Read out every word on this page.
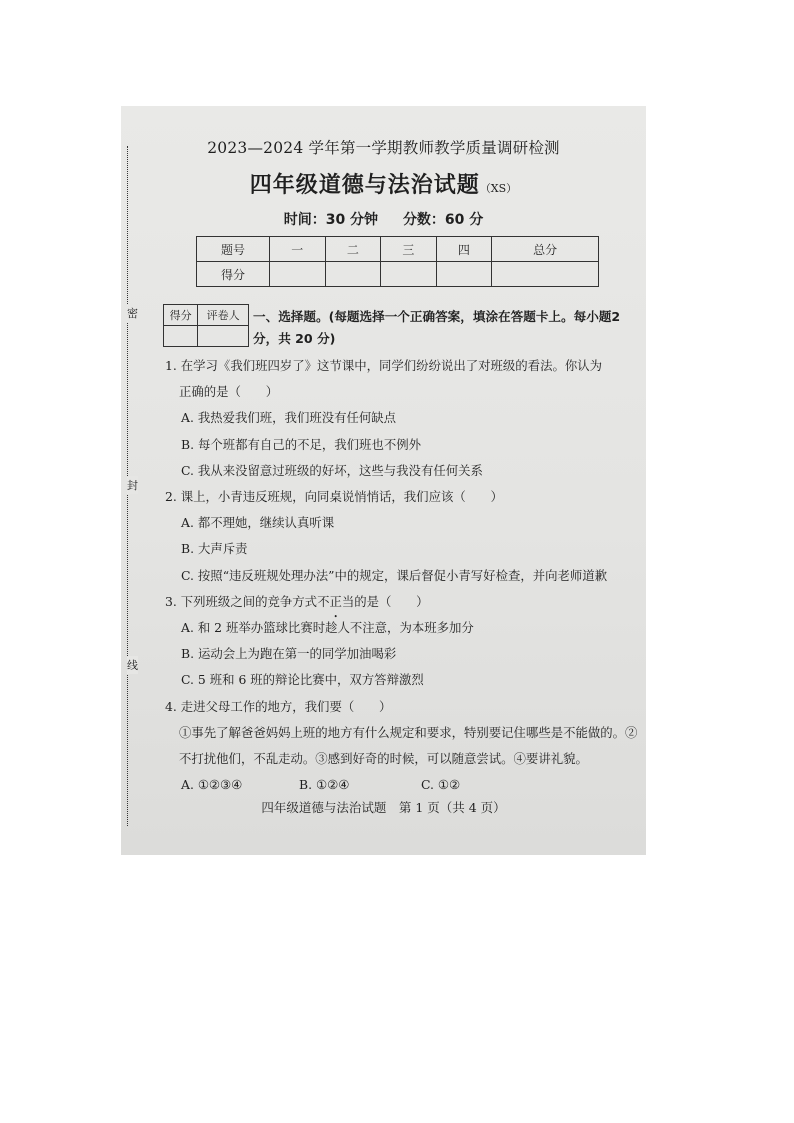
密
封
线
2023—2024 学年第一学期教师教学质量调研检测
四年级道德与法治试题（XS）
时间：30 分钟 分数：60 分
题号	一	二	三	四	总分
得分					
得分	评卷人
	一、选择题。(每题选择一个正确答案，填涂在答题卡上。每小题2分，共 20 分)
1. 在学习《我们班四岁了》这节课中，同学们纷纷说出了对班级的看法。你认为
正确的是（　　）
A. 我热爱我们班，我们班没有任何缺点
B. 每个班都有自己的不足，我们班也不例外
C. 我从来没留意过班级的好坏，这些与我没有任何关系
2. 课上，小青违反班规，向同桌说悄悄话，我们应该（　　）
A. 都不理她，继续认真听课
B. 大声斥责
C. 按照“违反班规处理办法”中的规定，课后督促小青写好检查，并向老师道歉
3. 下列班级之间的竞争方式不正当的是（　　）
A. 和 2 班举办篮球比赛时趁人不注意，为本班多加分
B. 运动会上为跑在第一的同学加油喝彩
C. 5 班和 6 班的辩论比赛中，双方答辩激烈
4. 走进父母工作的地方，我们要（　　）
①事先了解爸爸妈妈上班的地方有什么规定和要求，特别要记住哪些是不能做的。②不打扰他们，不乱走动。③感到好奇的时候，可以随意尝试。④要讲礼貌。
A. ①②③④	B. ①②④	C. ①②
四年级道德与法治试题　第 1 页（共 4 页）
